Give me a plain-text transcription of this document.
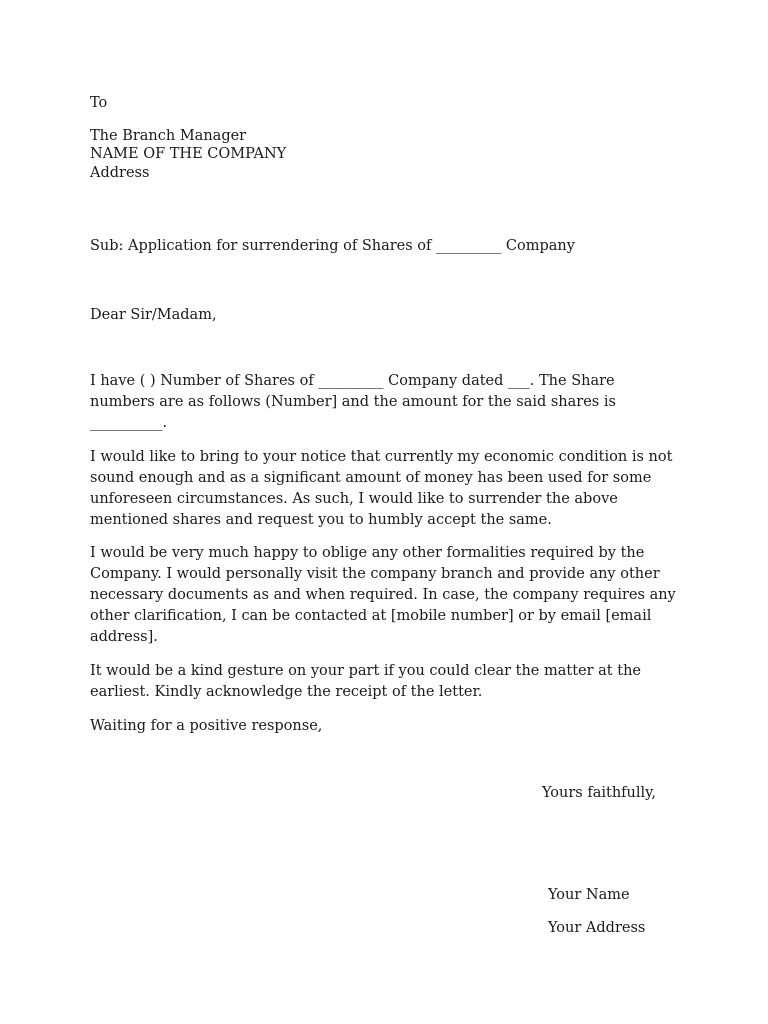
To
The Branch Manager
NAME OF THE COMPANY
Address
Sub: Application for surrendering of Shares of _________ Company
Dear Sir/Madam,

I have ( ) Number of Shares of _________ Company dated ___. The Share

numbers are as follows (Number] and the amount for the said shares is

__________.

I would like to bring to your notice that currently my economic condition is not

sound enough and as a significant amount of money has been used for some

unforeseen circumstances. As such, I would like to surrender the above

mentioned shares and request you to humbly accept the same.

I would be very much happy to oblige any other formalities required by the

Company. I would personally visit the company branch and provide any other

necessary documents as and when required. In case, the company requires any

other clarification, I can be contacted at [mobile number] or by email [email

address].

It would be a kind gesture on your part if you could clear the matter at the

earliest. Kindly acknowledge the receipt of the letter.

Waiting for a positive response,
Yours faithfully,
Your Name
Your Address
